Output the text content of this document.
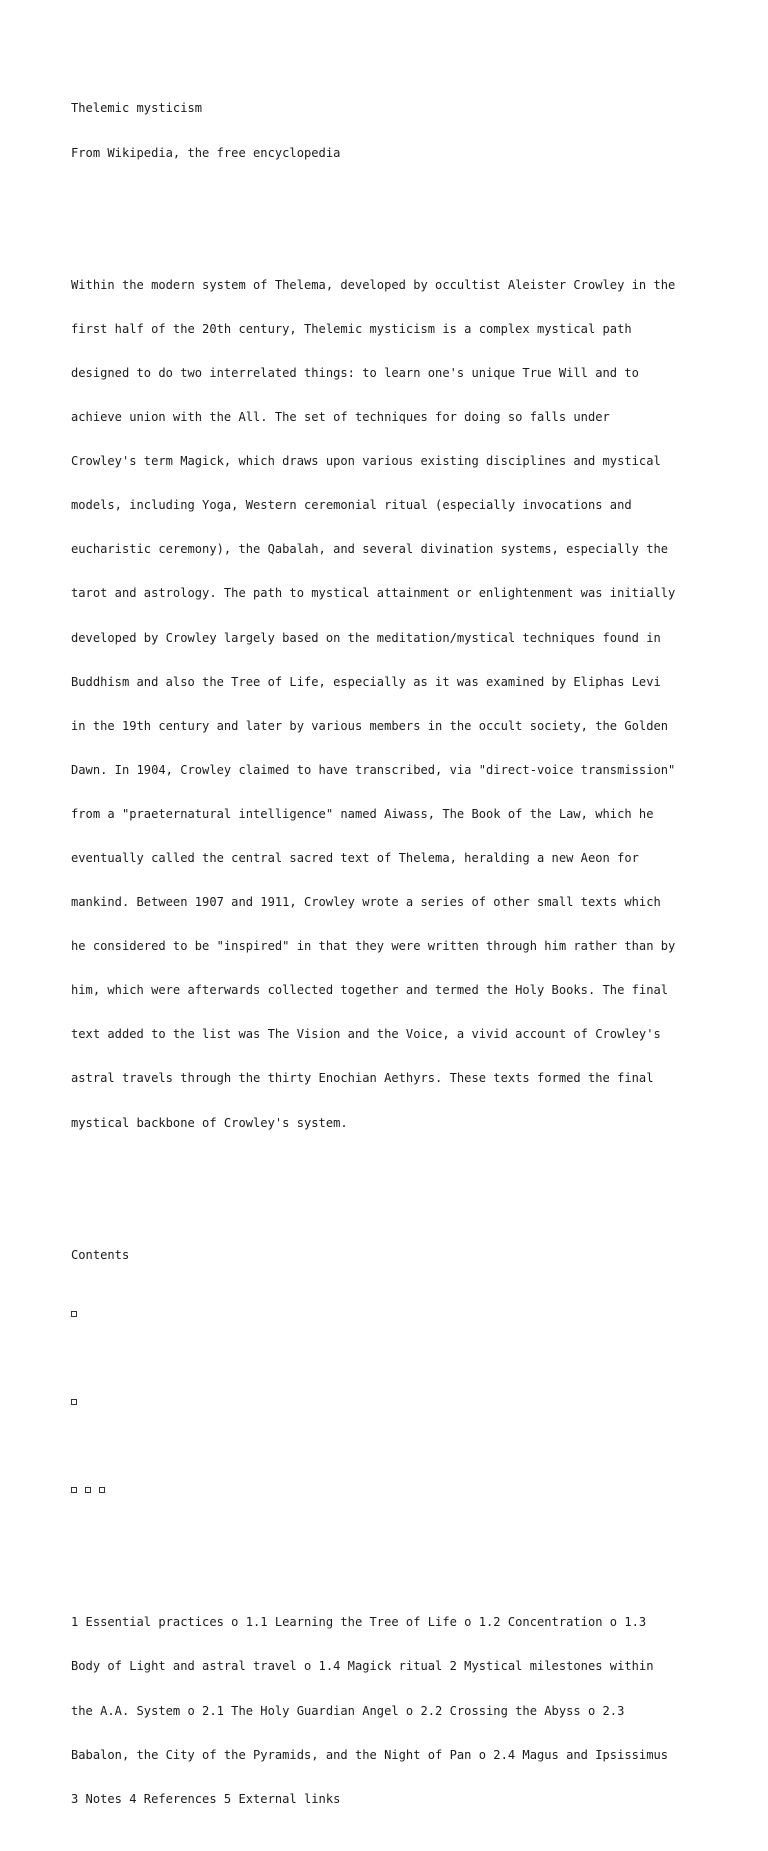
Thelemic mysticism

From Wikipedia, the free encyclopedia

Within the modern system of Thelema, developed by occultist Aleister Crowley in the

first half of the 20th century, Thelemic mysticism is a complex mystical path

designed to do two interrelated things: to learn one's unique True Will and to

achieve union with the All. The set of techniques for doing so falls under

Crowley's term Magick, which draws upon various existing disciplines and mystical

models, including Yoga, Western ceremonial ritual (especially invocations and

eucharistic ceremony), the Qabalah, and several divination systems, especially the

tarot and astrology. The path to mystical attainment or enlightenment was initially

developed by Crowley largely based on the meditation/mystical techniques found in

Buddhism and also the Tree of Life, especially as it was examined by Eliphas Levi

in the 19th century and later by various members in the occult society, the Golden

Dawn. In 1904, Crowley claimed to have transcribed, via "direct-voice transmission"

from a "praeternatural intelligence" named Aiwass, The Book of the Law, which he

eventually called the central sacred text of Thelema, heralding a new Aeon for

mankind. Between 1907 and 1911, Crowley wrote a series of other small texts which

he considered to be "inspired" in that they were written through him rather than by

him, which were afterwards collected together and termed the Holy Books. The final

text added to the list was The Vision and the Voice, a vivid account of Crowley's

astral travels through the thirty Enochian Aethyrs. These texts formed the final

mystical backbone of Crowley's system.

Contents

1 Essential practices o 1.1 Learning the Tree of Life o 1.2 Concentration o 1.3

Body of Light and astral travel o 1.4 Magick ritual 2 Mystical milestones within

the A.A. System o 2.1 The Holy Guardian Angel o 2.2 Crossing the Abyss o 2.3

Babalon, the City of the Pyramids, and the Night of Pan o 2.4 Magus and Ipsissimus

3 Notes 4 References 5 External links
